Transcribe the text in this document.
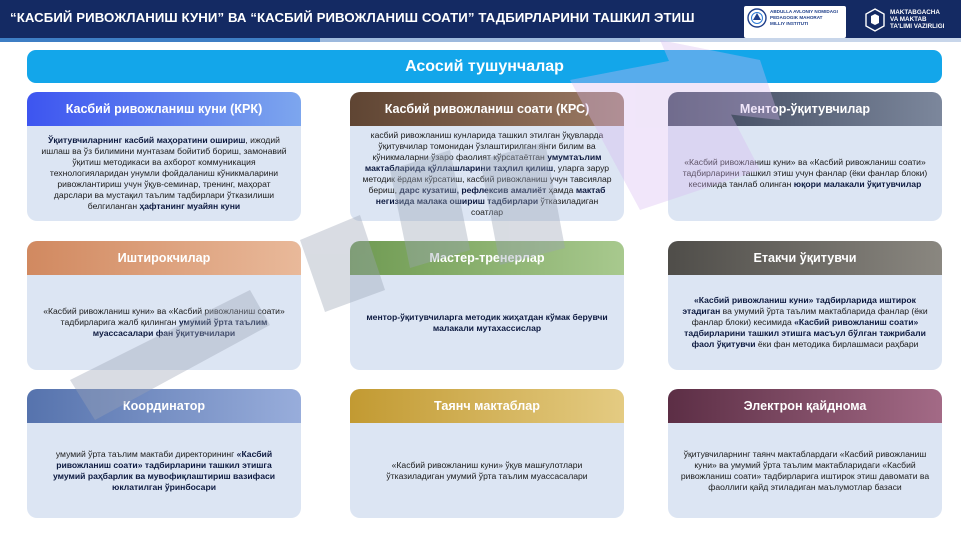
“КАСБИЙ РИВОЖЛАНИШ КУНИ” ВА “КАСБИЙ РИВОЖЛАНИШ СОАТИ” ТАДБИРЛАРИНИ ТАШКИЛ ЭТИШ	ABDULLA AVLONIY NOMIDAGI
PEDAGOGIK MAHORAT
MILLIY INSTITUTI
MAKTABGACHA
VA MAKTAB
TA'LIMI VAZIRLIGI
Асосий тушунчалар
Касбий ривожланиш куни (КРК)
Ўқитувчиларнинг касбий маҳоратини ошириш, ижодий ишлаш ва ўз билимини мунтазам бойитиб бориш, замонавий ўқитиш методикаси ва ахборот коммуникация технологияларидан унумли фойдаланиш кўникмаларини ривожлантириш учун ўқув-семинар, тренинг, маҳорат дарслари ва мустақил таълим тадбирлари ўтказилиши белгиланган ҳафтанинг муайян куни
Касбий ривожланиш соати (КРС)
касбий ривожланиш кунларида ташкил этилган ўқувларда ўқитувчилар томонидан ўзлаштирилган янги билим ва кўникмаларни ўзаро фаолият кўрсатаётган умумтаълим мактабларида қўллашларини таҳлил қилиш, уларга зарур методик ёрдам кўрсатиш, касбий ривожланиш учун тавсиялар бериш, дарс кузатиш, рефлексив амалиёт ҳамда мактаб негизида малака ошириш тадбирлари ўтказиладиган соатлар
Ментор-ўқитувчилар
«Касбий ривожланиш куни» ва «Касбий ривожланиш соати» тадбирларини ташкил этиш учун фанлар (ёки фанлар блоки) кесимида танлаб олинган юқори малакали ўқитувчилар
Иштирокчилар
«Касбий ривожланиш куни» ва «Касбий ривожланиш соати» тадбирларига жалб қилинган умумий ўрта таълим муассасалари фан ўқитувчилари
Мастер-тренерлар
ментор-ўқитувчиларга методик жиҳатдан кўмак берувчи малакали мутахассислар
Етакчи ўқитувчи
«Касбий ривожланиш куни» тадбирларида иштирок этадиган ва умумий ўрта таълим мактабларида фанлар (ёки фанлар блоки) кесимида «Касбий ривожланиш соати» тадбирларини ташкил этишга масъул бўлган тажрибали фаол ўқитувчи ёки фан методика бирлашмаси раҳбари
Координатор
умумий ўрта таълим мактаби директорининг «Касбий ривожланиш соати» тадбирларини ташкил этишга умумий раҳбарлик ва мувофиқлаштириш вазифаси юклатилган ўринбосари
Таянч мактаблар
«Касбий ривожланиш куни» ўқув машғулотлари ўтказиладиган умумий ўрта таълим муассасалари
Электрон қайднома
ўқитувчиларнинг таянч мактаблардаги «Касбий ривожланиш куни» ва умумий ўрта таълим мактабларидаги «Касбий ривожланиш соати» тадбирларига иштирок этиш давомати ва фаоллиги қайд этиладиган маълумотлар базаси
